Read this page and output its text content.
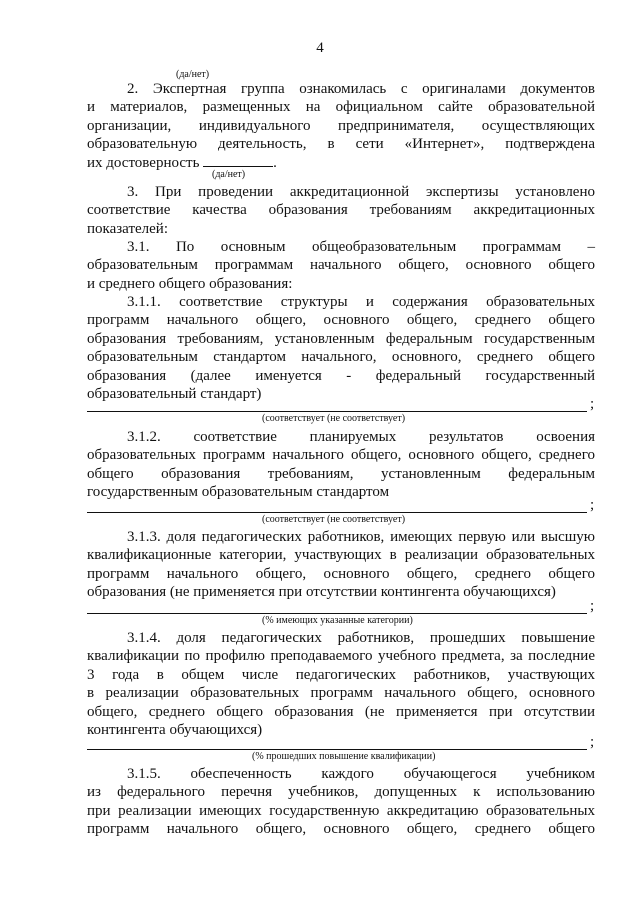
4
(да/нет)
2. Экспертная группа ознакомилась с оригиналами документов
и материалов, размещенных на официальном сайте образовательной
организации, индивидуального предпринимателя, осуществляющих
образовательную деятельность, в сети «Интернет», подтверждена
их достоверность	.
(да/нет)
3. При проведении аккредитационной экспертизы установлено
соответствие качества образования требованиям аккредитационных
показателей:
3.1. По основным общеобразовательным программам –
образовательным программам начального общего, основного общего
и среднего общего образования:
3.1.1. соответствие структуры и содержания образовательных
программ начального общего, основного общего, среднего общего
образования требованиям, установленным федеральным государственным
образовательным стандартом начального, основного, среднего общего
образования (далее именуется - федеральный государственный
образовательный стандарт)
;
(соответствует (не соответствует)
3.1.2. соответствие планируемых результатов освоения
образовательных программ начального общего, основного общего, среднего
общего образования требованиям, установленным федеральным
государственным образовательным стандартом
;
(соответствует (не соответствует)
3.1.3. доля педагогических работников, имеющих первую или высшую
квалификационные категории, участвующих в реализации образовательных
программ начального общего, основного общего, среднего общего
образования (не применяется при отсутствии контингента обучающихся)
;
(% имеющих указанные категории)
3.1.4. доля педагогических работников, прошедших повышение
квалификации по профилю преподаваемого учебного предмета, за последние
3 года в общем числе педагогических работников, участвующих
в реализации образовательных программ начального общего, основного
общего, среднего общего образования (не применяется при отсутствии
контингента обучающихся)
;
(% прошедших повышение квалификации)
3.1.5. обеспеченность каждого обучающегося учебником
из федерального перечня учебников, допущенных к использованию
при реализации имеющих государственную аккредитацию образовательных
программ начального общего, основного общего, среднего общего
